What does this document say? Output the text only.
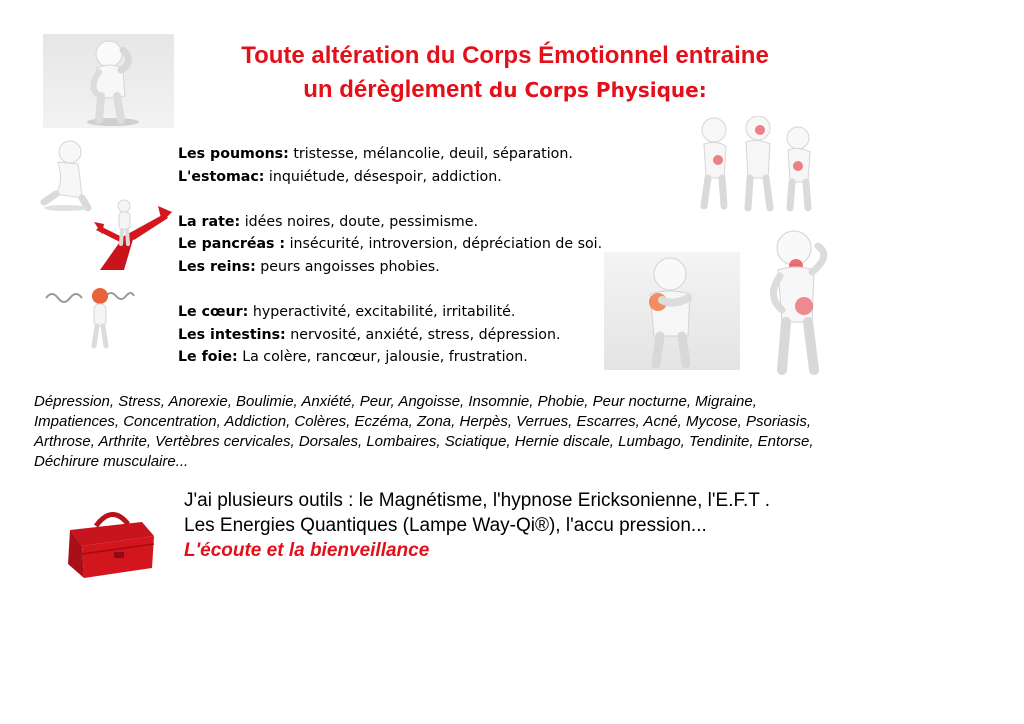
Toute altération du Corps Émotionnel entraine
un dérèglement du Corps Physique:
Les poumons: tristesse, mélancolie, deuil, séparation.
L'estomac: inquiétude, désespoir, addiction.
La rate: idées noires, doute, pessimisme.
Le pancréas : insécurité, introversion, dépréciation de soi.
Les reins: peurs angoisses phobies.
Le cœur: hyperactivité, excitabilité, irritabilité.
Les intestins: nervosité, anxiété, stress, dépression.
Le foie: La colère, rancœur, jalousie, frustration.
Dépression, Stress, Anorexie, Boulimie, Anxiété, Peur, Angoisse, Insomnie, Phobie, Peur nocturne, Migraine, Impatiences, Concentration, Addiction, Colères, Eczéma, Zona, Herpès, Verrues, Escarres, Acné, Mycose, Psoriasis, Arthrose, Arthrite, Vertèbres cervicales, Dorsales, Lombaires, Sciatique, Hernie discale, Lumbago, Tendinite, Entorse, Déchirure musculaire...
J'ai plusieurs outils : le Magnétisme, l'hypnose Ericksonienne, l'E.F.T . Les Energies Quantiques (Lampe Way-Qi®), l'accu pression...
L'écoute et la bienveillance
